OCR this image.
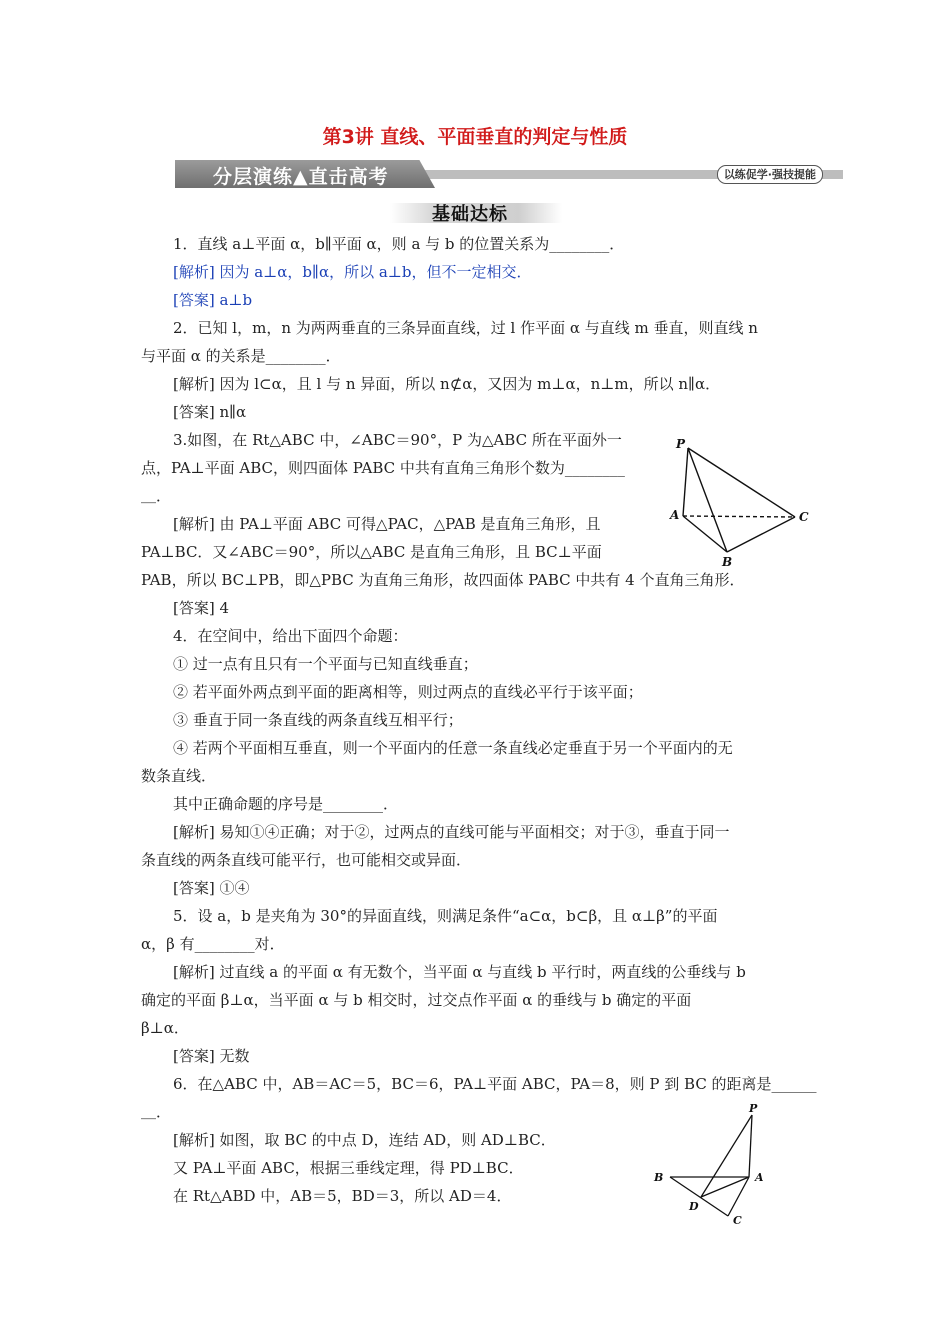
第3讲 直线、平面垂直的判定与性质
分层演练▲直击高考	以练促学·强技提能
基础达标
1．直线 a⊥平面 α，b∥平面 α，则 a 与 b 的位置关系为________．
[解析] 因为 a⊥α，b∥α，所以 a⊥b，但不一定相交．
[答案] a⊥b
2．已知 l，m，n 为两两垂直的三条异面直线，过 l 作平面 α 与直线 m 垂直，则直线 n
与平面 α 的关系是________．
[解析] 因为 l⊂α，且 l 与 n 异面，所以 n⊄α，又因为 m⊥α，n⊥m，所以 n∥α．
[答案] n∥α
3.如图，在 Rt△ABC 中，∠ABC＝90°，P 为△ABC 所在平面外一
点，PA⊥平面 ABC，则四面体 PABC 中共有直角三角形个数为________
＿．
[解析] 由 PA⊥平面 ABC 可得△PAC，△PAB 是直角三角形，且
PA⊥BC．又∠ABC＝90°，所以△ABC 是直角三角形，且 BC⊥平面
PAB，所以 BC⊥PB，即△PBC 为直角三角形，故四面体 PABC 中共有 4 个直角三角形．
[答案] 4
4．在空间中，给出下面四个命题：
① 过一点有且只有一个平面与已知直线垂直；
② 若平面外两点到平面的距离相等，则过两点的直线必平行于该平面；
③ 垂直于同一条直线的两条直线互相平行；
④ 若两个平面相互垂直，则一个平面内的任意一条直线必定垂直于另一个平面内的无
数条直线．
其中正确命题的序号是________．
[解析] 易知①④正确；对于②，过两点的直线可能与平面相交；对于③，垂直于同一
条直线的两条直线可能平行，也可能相交或异面．
[答案] ①④
5．设 a，b 是夹角为 30°的异面直线，则满足条件“a⊂α，b⊂β，且 α⊥β”的平面
α，β 有________对．
[解析] 过直线 a 的平面 α 有无数个，当平面 α 与直线 b 平行时，两直线的公垂线与 b
确定的平面 β⊥α，当平面 α 与 b 相交时，过交点作平面 α 的垂线与 b 确定的平面
β⊥α．
[答案] 无数
6．在△ABC 中，AB＝AC＝5，BC＝6，PA⊥平面 ABC，PA＝8，则 P 到 BC 的距离是______
＿．
[解析] 如图，取 BC 的中点 D，连结 AD，则 AD⊥BC．
又 PA⊥平面 ABC，根据三垂线定理，得 PD⊥BC．
在 Rt△ABD 中，AB＝5，BD＝3，所以 AD＝4．
P
A	C
B
P
B	A
D
C
